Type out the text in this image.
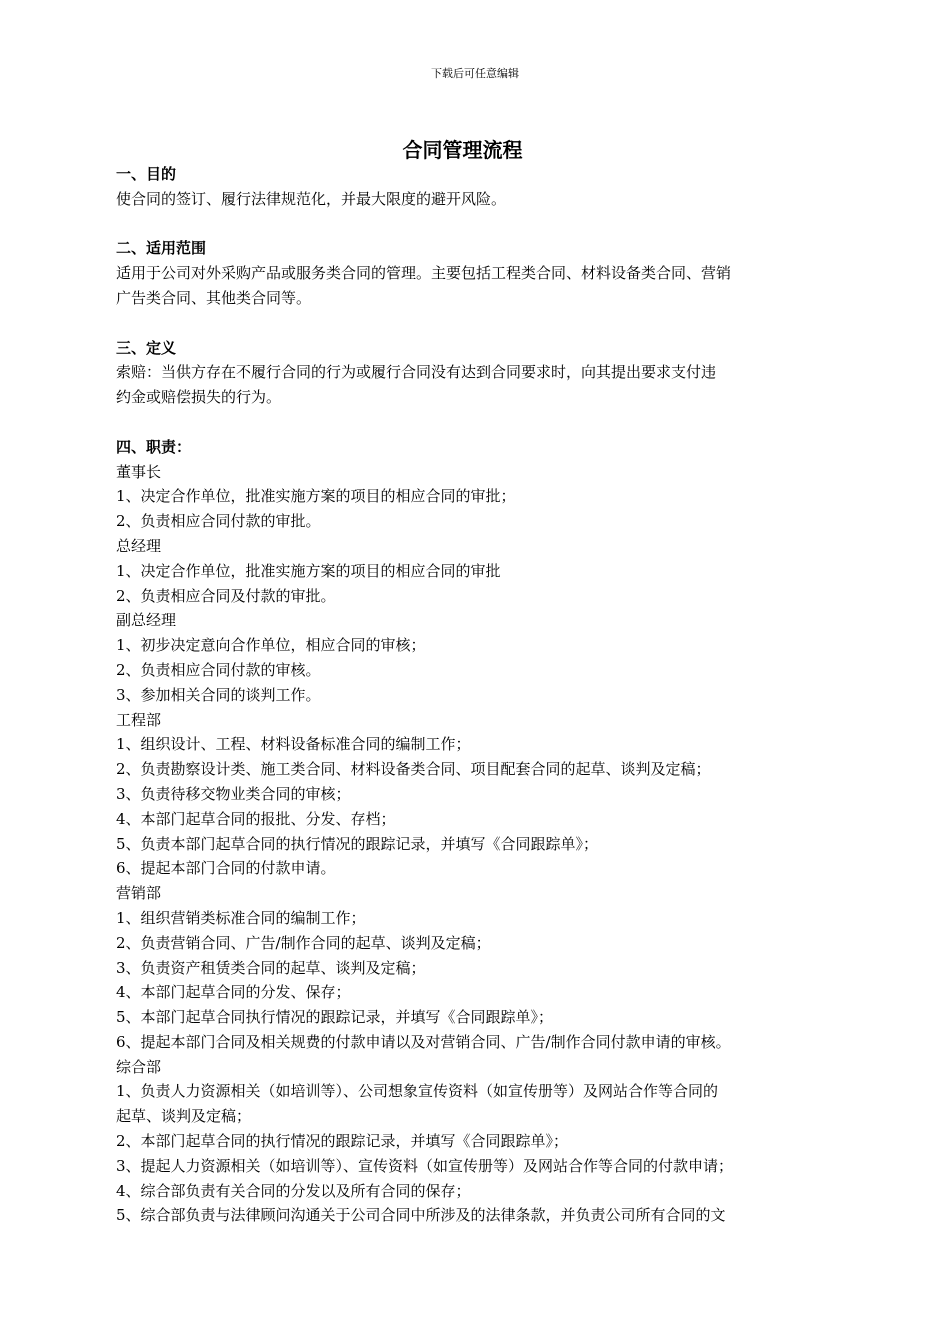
下载后可任意编辑
合同管理流程

一、目的

使合同的签订、履行法律规范化，并最大限度的避开风险。

二、适用范围

适用于公司对外采购产品或服务类合同的管理。主要包括工程类合同、材料设备类合同、营销

广告类合同、其他类合同等。

三、定义

索赔：当供方存在不履行合同的行为或履行合同没有达到合同要求时，向其提出要求支付违

约金或赔偿损失的行为。

四、职责：

董事长

1、决定合作单位，批准实施方案的项目的相应合同的审批；

2、负责相应合同付款的审批。

总经理

1、决定合作单位，批准实施方案的项目的相应合同的审批

2、负责相应合同及付款的审批。

副总经理

1、初步决定意向合作单位，相应合同的审核；

2、负责相应合同付款的审核。

3、参加相关合同的谈判工作。

工程部

1、组织设计、工程、材料设备标准合同的编制工作；

2、负责勘察设计类、施工类合同、材料设备类合同、项目配套合同的起草、谈判及定稿；

3、负责待移交物业类合同的审核；

4、本部门起草合同的报批、分发、存档；

5、负责本部门起草合同的执行情况的跟踪记录，并填写《合同跟踪单》；

6、提起本部门合同的付款申请。

营销部

1、组织营销类标准合同的编制工作；

2、负责营销合同、广告/制作合同的起草、谈判及定稿；

3、负责资产租赁类合同的起草、谈判及定稿；

4、本部门起草合同的分发、保存；

5、本部门起草合同执行情况的跟踪记录，并填写《合同跟踪单》；

6、提起本部门合同及相关规费的付款申请以及对营销合同、广告/制作合同付款申请的审核。

综合部

1、负责人力资源相关（如培训等）、公司想象宣传资料（如宣传册等）及网站合作等合同的

起草、谈判及定稿；

2、本部门起草合同的执行情况的跟踪记录，并填写《合同跟踪单》；

3、提起人力资源相关（如培训等）、宣传资料（如宣传册等）及网站合作等合同的付款申请；

4、综合部负责有关合同的分发以及所有合同的保存；

5、综合部负责与法律顾问沟通关于公司合同中所涉及的法律条款，并负责公司所有合同的文
